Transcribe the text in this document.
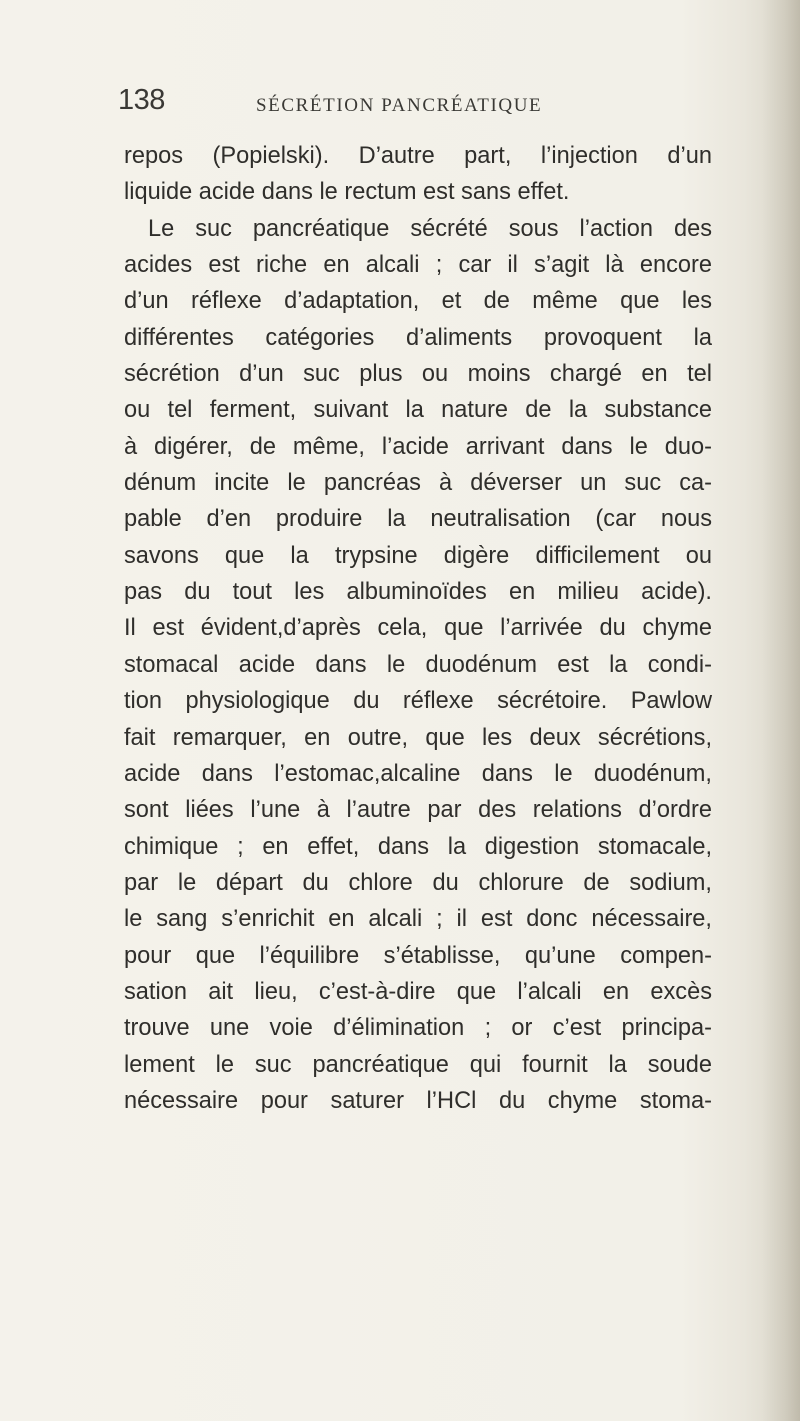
138	SÉCRÉTION PANCRÉATIQUE
repos (Popielski). D’autre part, l’injection d’un
liquide acide dans le rectum est sans effet.
Le suc pancréatique sécrété sous l’action des
acides est riche en alcali ; car il s’agit là encore
d’un réflexe d’adaptation, et de même que les
différentes catégories d’aliments provoquent la
sécrétion d’un suc plus ou moins chargé en tel
ou tel ferment, suivant la nature de la substance
à digérer, de même, l’acide arrivant dans le duo-
dénum incite le pancréas à déverser un suc ca-
pable d’en produire la neutralisation (car nous
savons que la trypsine digère difficilement ou
pas du tout les albuminoïdes en milieu acide).
Il est évident,d’après cela, que l’arrivée du chyme
stomacal acide dans le duodénum est la condi-
tion physiologique du réflexe sécrétoire. Pawlow
fait remarquer, en outre, que les deux sécrétions,
acide dans l’estomac,alcaline dans le duodénum,
sont liées l’une à l’autre par des relations d’ordre
chimique ; en effet, dans la digestion stomacale,
par le départ du chlore du chlorure de sodium,
le sang s’enrichit en alcali ; il est donc nécessaire,
pour que l’équilibre s’établisse, qu’une compen-
sation ait lieu, c’est-à-dire que l’alcali en excès
trouve une voie d’élimination ; or c’est principa-
lement le suc pancréatique qui fournit la soude
nécessaire pour saturer l’HCl du chyme stoma-
